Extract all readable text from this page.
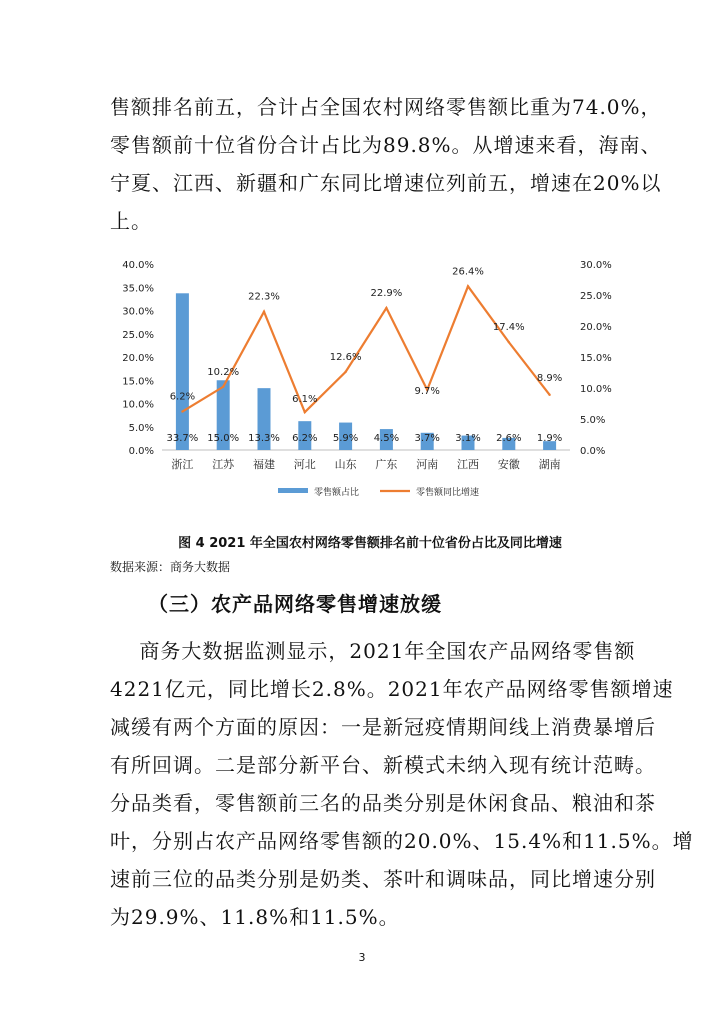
售额排名前五，合计占全国农村网络零售额比重为74.0%，
零售额前十位省份合计占比为89.8%。从增速来看，海南、
宁夏、江西、新疆和广东同比增速位列前五，增速在20%以
上。
0.0%
5.0%
10.0%
15.0%
20.0%
25.0%
30.0%
35.0%
40.0%
0.0%
5.0%
10.0%
15.0%
20.0%
25.0%
30.0%
6.2%
10.2%
22.3%
6.1%
12.6%
22.9%
9.7%
26.4%
17.4%
8.9%
33.7% 15.0% 13.3% 6.2% 5.9% 4.5% 3.7% 3.1% 2.6% 1.9%
浙江 江苏 福建 河北 山东 广东 河南 江西 安徽 湖南
零售额占比	零售额同比增速
图 4 2021 年全国农村网络零售额排名前十位省份占比及同比增速
数据来源：商务大数据
（三）农产品网络零售增速放缓
商务大数据监测显示，2021年全国农产品网络零售额
4221亿元，同比增长2.8%。2021年农产品网络零售额增速
减缓有两个方面的原因：一是新冠疫情期间线上消费暴增后
有所回调。二是部分新平台、新模式未纳入现有统计范畴。
分品类看，零售额前三名的品类分别是休闲食品、粮油和茶
叶，分别占农产品网络零售额的20.0%、15.4%和11.5%。增
速前三位的品类分别是奶类、茶叶和调味品，同比增速分别
为29.9%、11.8%和11.5%。
3
